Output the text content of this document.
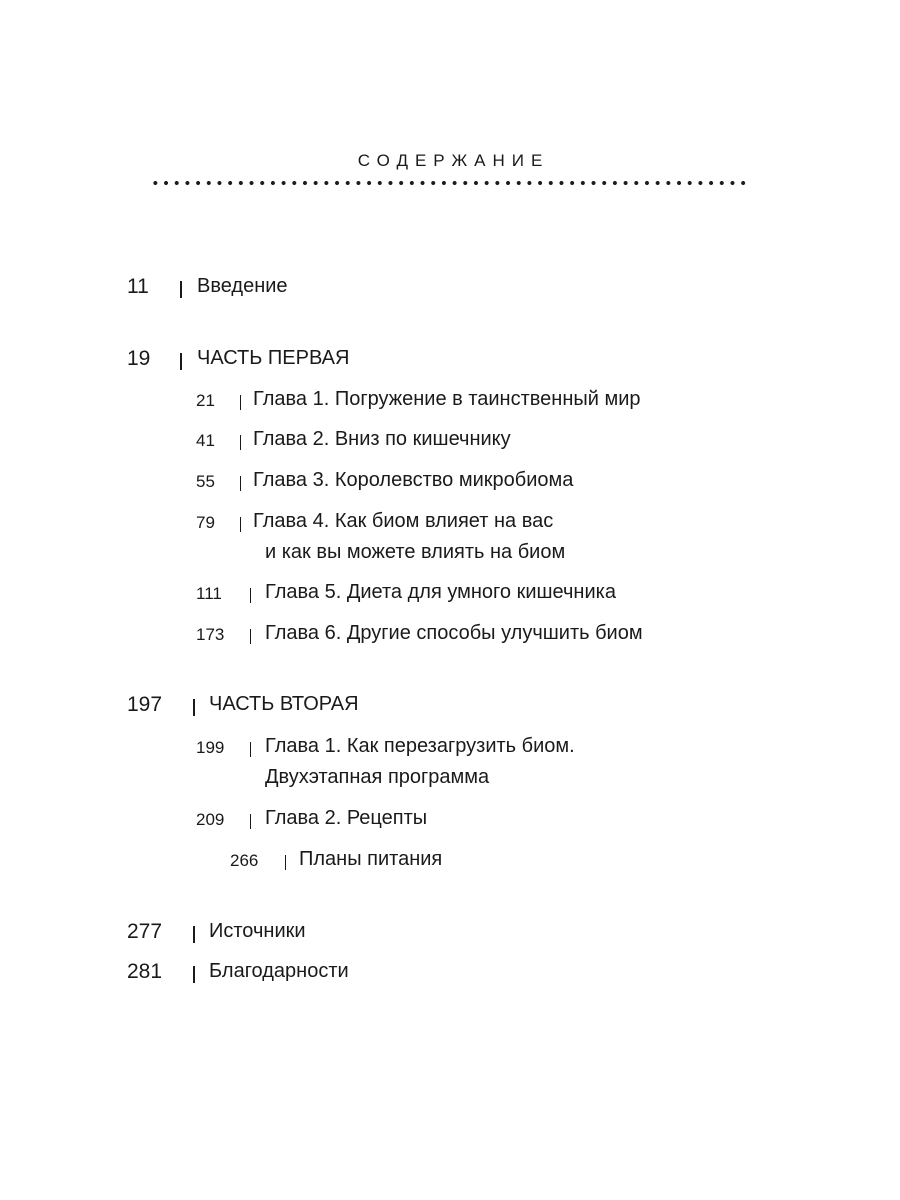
СОДЕРЖАНИЕ
11 Введение
19 ЧАСТЬ ПЕРВАЯ
21 Глава 1. Погружение в таинственный мир
41 Глава 2. Вниз по кишечнику
55 Глава 3. Королевство микробиома
79 Глава 4. Как биом влияет на вас
и как вы можете влиять на биом
111 Глава 5. Диета для умного кишечника
173 Глава 6. Другие способы улучшить биом
197 ЧАСТЬ ВТОРАЯ
199 Глава 1. Как перезагрузить биом.
Двухэтапная программа
209 Глава 2. Рецепты
266 Планы питания
277 Источники
281 Благодарности
